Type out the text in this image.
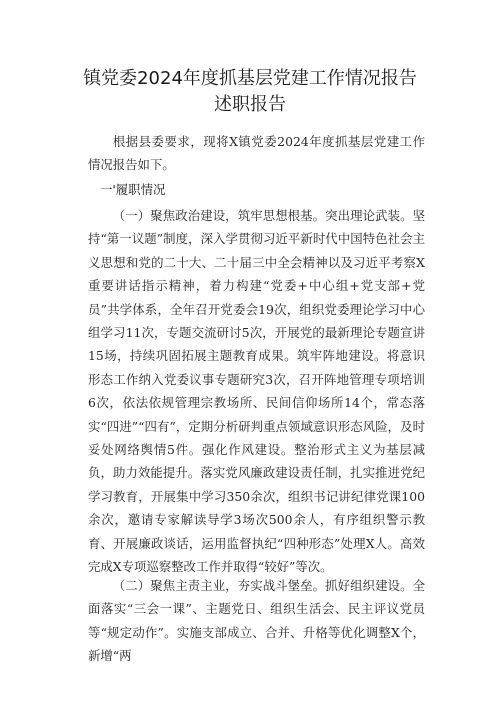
镇党委2024年度抓基层党建工作情况报告
述职报告

根据县委要求，现将X镇党委2024年度抓基层党建工作情况报告如下。

一'履职情况

（一）聚焦政治建设，筑牢思想根基。突出理论武装。坚持“第一议题”制度，深入学贯彻习近平新时代中国特色社会主义思想和党的二十大、二十届三中全会精神以及习近平考察X重要讲话指示精神，着力构建“党委+中心组+党支部+党员”共学体系，全年召开党委会19次，组织党委理论学习中心组学习11次，专题交流研讨5次，开展党的最新理论专题宣讲15场，持续巩固拓展主题教育成果。筑牢阵地建设。将意识形态工作纳入党委议事专题研究3次，召开阵地管理专项培训6次，依法依规管理宗教场所、民间信仰场所14个，常态落实“四进”“四有”，定期分析研判重点领域意识形态风险，及时妥处网络舆情5件。强化作风建设。整治形式主义为基层减负，助力效能提升。落实党风廉政建设责任制，扎实推进党纪学习教育，开展集中学习350余次，组织书记讲纪律党课100余次，邀请专家解读导学3场次500余人，有序组织警示教育、开展廉政谈话，运用监督执纪“四种形态”处理X人。高效完成X专项巡察整改工作并取得“较好”等次。

（二）聚焦主责主业，夯实战斗堡垒。抓好组织建设。全面落实“三会一课”、主题党日、组织生活会、民主评议党员等“规定动作”。实施支部成立、合并、升格等优化调整X个，新增“两
